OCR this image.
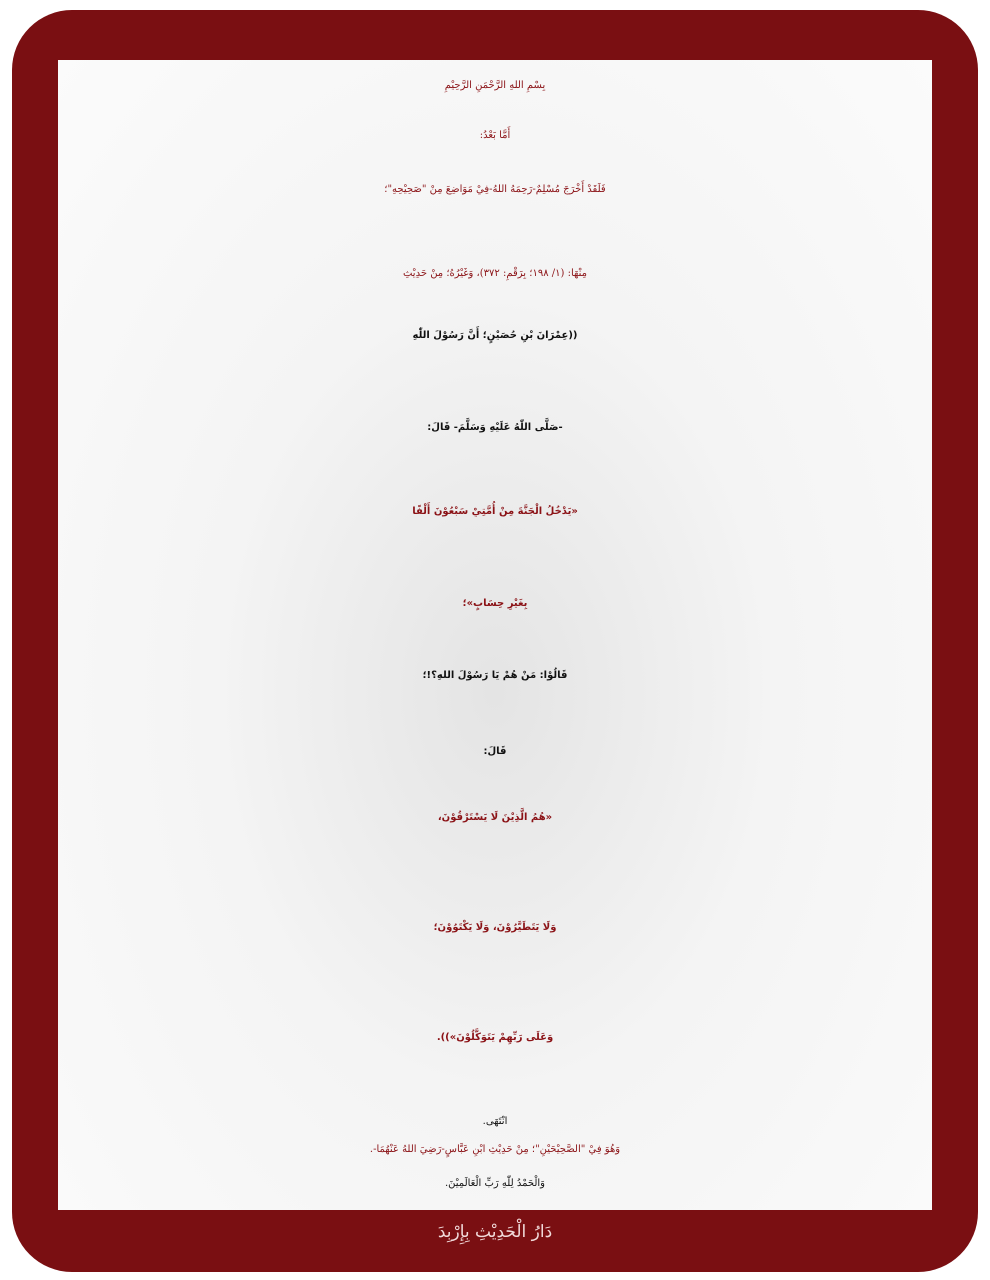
بِسْمِ اللهِ الرَّحْمَنِ الرَّحِيْمِ
أَمَّا بَعْدُ:
فَلَقَدْ أَخْرَجَ مُسْلِمٌ-رَحِمَهُ اللهُ-فِيْ مَوَاضِعَ مِنْ "صَحِيْحِهِ"؛
مِنْهَا: (١/ ١٩٨؛ بِرَقْمِ: ٣٧٢)، وَغَيْرُهُ؛ مِنْ حَدِيْثِ
((عِمْرَانَ بْنِ حُصَيْنٍ؛ أَنَّ رَسُوْلَ اللّٰهِ
-صَلَّى اللّٰهُ عَلَيْهِ وَسَلَّمَ- قَالَ:
«يَدْخُلُ الْجَنَّةَ مِنْ أُمَّتِيْ سَبْعُوْنَ أَلْفًا
بِغَيْرِ حِسَابٍ»؛
قَالُوْا: مَنْ هُمْ يَا رَسُوْلَ اللهِ؟!؛
قَالَ:
«هُمُ الَّذِيْنَ لَا يَسْتَرْقُوْنَ،
وَلَا يَتَطَيَّرُوْنَ، وَلَا يَكْتَوُوْنَ؛
وَعَلَى رَبِّهِمْ يَتَوَكَّلُوْنَ»)).
انْتَهَى.
وَهُوَ فِيْ "الصَّحِيْحَيْنِ"؛ مِنْ حَدِيْثِ ابْنِ عَبَّاسٍ-رَضِيَ اللهُ عَنْهُمَا-.
وَالْحَمْدُ لِلّٰهِ رَبِّ الْعَالَمِيْنَ.
دَارُ الْحَدِيْثِ بِإِرْبِدَ
